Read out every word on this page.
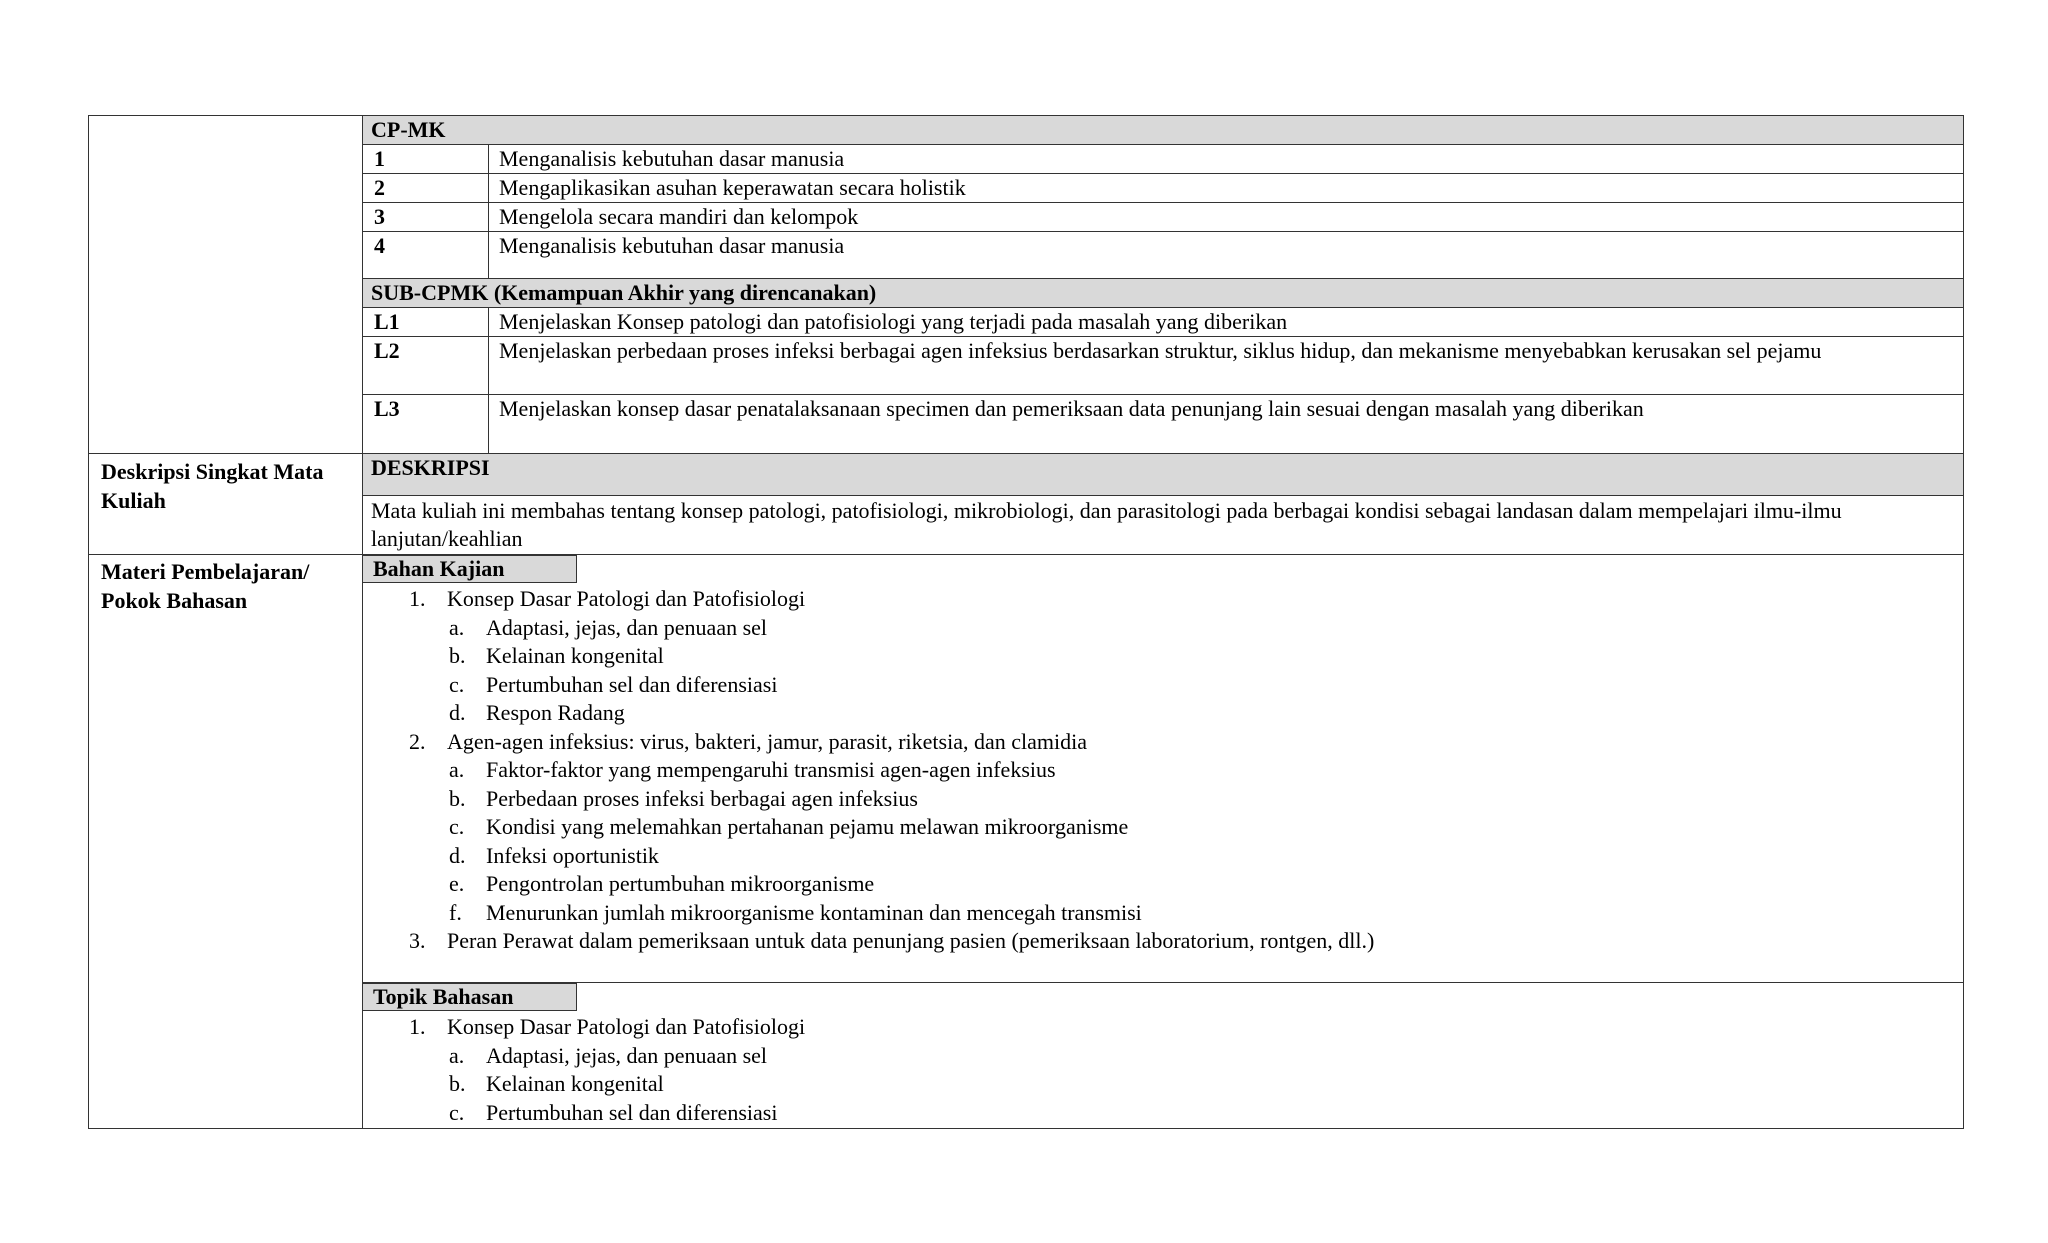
CP-MK
1	Menganalisis kebutuhan dasar manusia
2	Mengaplikasikan asuhan keperawatan secara holistik
3	Mengelola secara mandiri dan kelompok
4	Menganalisis kebutuhan dasar manusia
SUB-CPMK (Kemampuan Akhir yang direncanakan)
L1	Menjelaskan Konsep patologi dan patofisiologi yang terjadi pada masalah yang diberikan
L2	Menjelaskan perbedaan proses infeksi berbagai agen infeksius berdasarkan struktur, siklus hidup, dan mekanisme menyebabkan kerusakan sel pejamu
L3	Menjelaskan konsep dasar penatalaksanaan specimen dan pemeriksaan data penunjang lain sesuai dengan masalah yang diberikan
Deskripsi Singkat Mata Kuliah
DESKRIPSI
Mata kuliah ini membahas tentang konsep patologi, patofisiologi, mikrobiologi, dan parasitologi pada berbagai kondisi sebagai landasan dalam mempelajari ilmu-ilmu lanjutan/keahlian
Materi Pembelajaran/ Pokok Bahasan
Bahan Kajian
1. Konsep Dasar Patologi dan Patofisiologi
a. Adaptasi, jejas, dan penuaan sel
b. Kelainan kongenital
c. Pertumbuhan sel dan diferensiasi
d. Respon Radang
2. Agen-agen infeksius: virus, bakteri, jamur, parasit, riketsia, dan clamidia
a. Faktor-faktor yang mempengaruhi transmisi agen-agen infeksius
b. Perbedaan proses infeksi berbagai agen infeksius
c. Kondisi yang melemahkan pertahanan pejamu melawan mikroorganisme
d. Infeksi oportunistik
e. Pengontrolan pertumbuhan mikroorganisme
f. Menurunkan jumlah mikroorganisme kontaminan dan mencegah transmisi
3. Peran Perawat dalam pemeriksaan untuk data penunjang pasien (pemeriksaan laboratorium, rontgen, dll.)
Topik Bahasan
1. Konsep Dasar Patologi dan Patofisiologi
a. Adaptasi, jejas, dan penuaan sel
b. Kelainan kongenital
c. Pertumbuhan sel dan diferensiasi
